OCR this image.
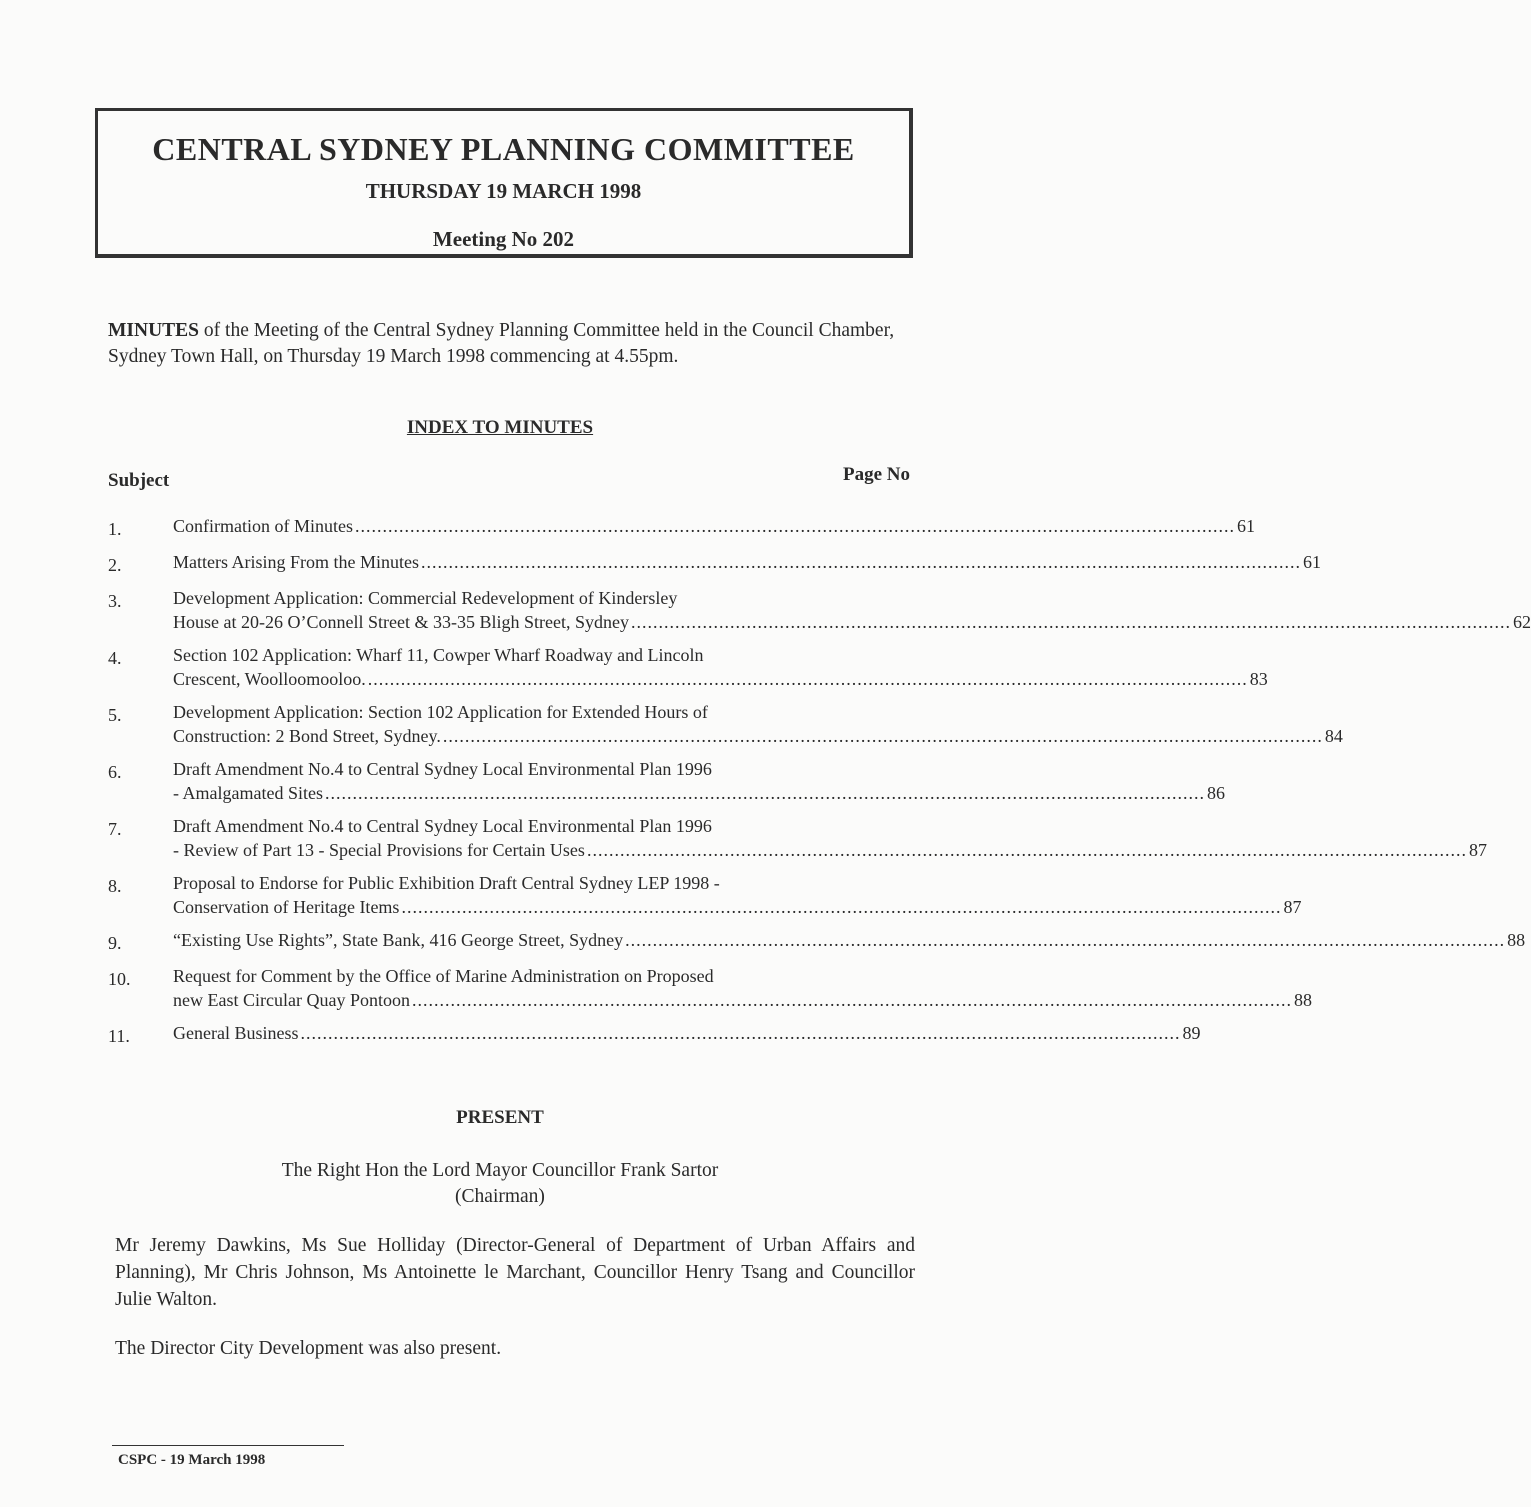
CENTRAL SYDNEY PLANNING COMMITTEE
THURSDAY 19 MARCH 1998
Meeting No 202
MINUTES of the Meeting of the Central Sydney Planning Committee held in the Council Chamber, Sydney Town Hall, on Thursday 19 March 1998 commencing at 4.55pm.
INDEX TO MINUTES
Subject	Page No
1.	Confirmation of Minutes .....	61
2.	Matters Arising From the Minutes .....	61
3.	Development Application: Commercial Redevelopment of Kindersley
House at 20-26 O’Connell Street & 33-35 Bligh Street, Sydney .....	62
4.	Section 102 Application: Wharf 11, Cowper Wharf Roadway and Lincoln
Crescent, Woolloomooloo. .....	83
5.	Development Application: Section 102 Application for Extended Hours of
Construction: 2 Bond Street, Sydney. .....	84
6.	Draft Amendment No.4 to Central Sydney Local Environmental Plan 1996
- Amalgamated Sites .....	86
7.	Draft Amendment No.4 to Central Sydney Local Environmental Plan 1996
- Review of Part 13 - Special Provisions for Certain Uses .....	87
8.	Proposal to Endorse for Public Exhibition Draft Central Sydney LEP 1998 -
Conservation of Heritage Items .....	87
9.	“Existing Use Rights”, State Bank, 416 George Street, Sydney .....	88
10.	Request for Comment by the Office of Marine Administration on Proposed
new East Circular Quay Pontoon .....	88
11.	General Business .....	89
PRESENT
The Right Hon the Lord Mayor Councillor Frank Sartor
(Chairman)
Mr Jeremy Dawkins, Ms Sue Holliday (Director-General of Department of Urban Affairs and Planning), Mr Chris Johnson, Ms Antoinette le Marchant, Councillor Henry Tsang and Councillor Julie Walton.
The Director City Development was also present.
CSPC - 19 March 1998
